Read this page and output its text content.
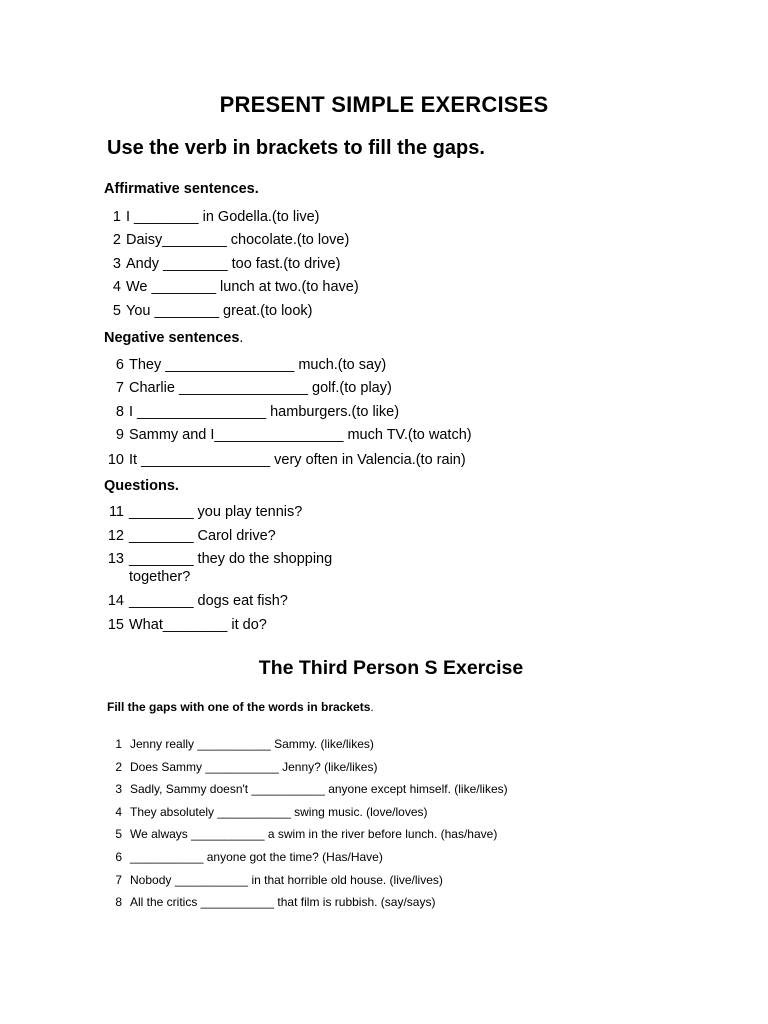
PRESENT SIMPLE EXERCISES
Use the verb in brackets to fill the gaps.
Affirmative sentences.
1 I ________ in Godella.(to live)
2 Daisy________ chocolate.(to love)
3 Andy ________ too fast.(to drive)
4 We ________ lunch at two.(to have)
5 You ________ great.(to look)
Negative sentences.
6 They ________________ much.(to say)
7 Charlie ________________ golf.(to play)
8 I ________________ hamburgers.(to like)
9 Sammy and I________________ much TV.(to watch)
10 It ________________ very often in Valencia.(to rain)
Questions.
11 ________ you play tennis?
12 ________ Carol drive?
13 ________ they do the shopping
together?
14 ________ dogs eat fish?
15 What________ it do?
The Third Person S Exercise
Fill the gaps with one of the words in brackets.
1 Jenny really ___________ Sammy. (like/likes)
2 Does Sammy ___________ Jenny? (like/likes)
3 Sadly, Sammy doesn't ___________ anyone except himself. (like/likes)
4 They absolutely ___________ swing music. (love/loves)
5 We always ___________ a swim in the river before lunch. (has/have)
6 ___________ anyone got the time? (Has/Have)
7 Nobody ___________ in that horrible old house. (live/lives)
8 All the critics ___________ that film is rubbish. (say/says)
